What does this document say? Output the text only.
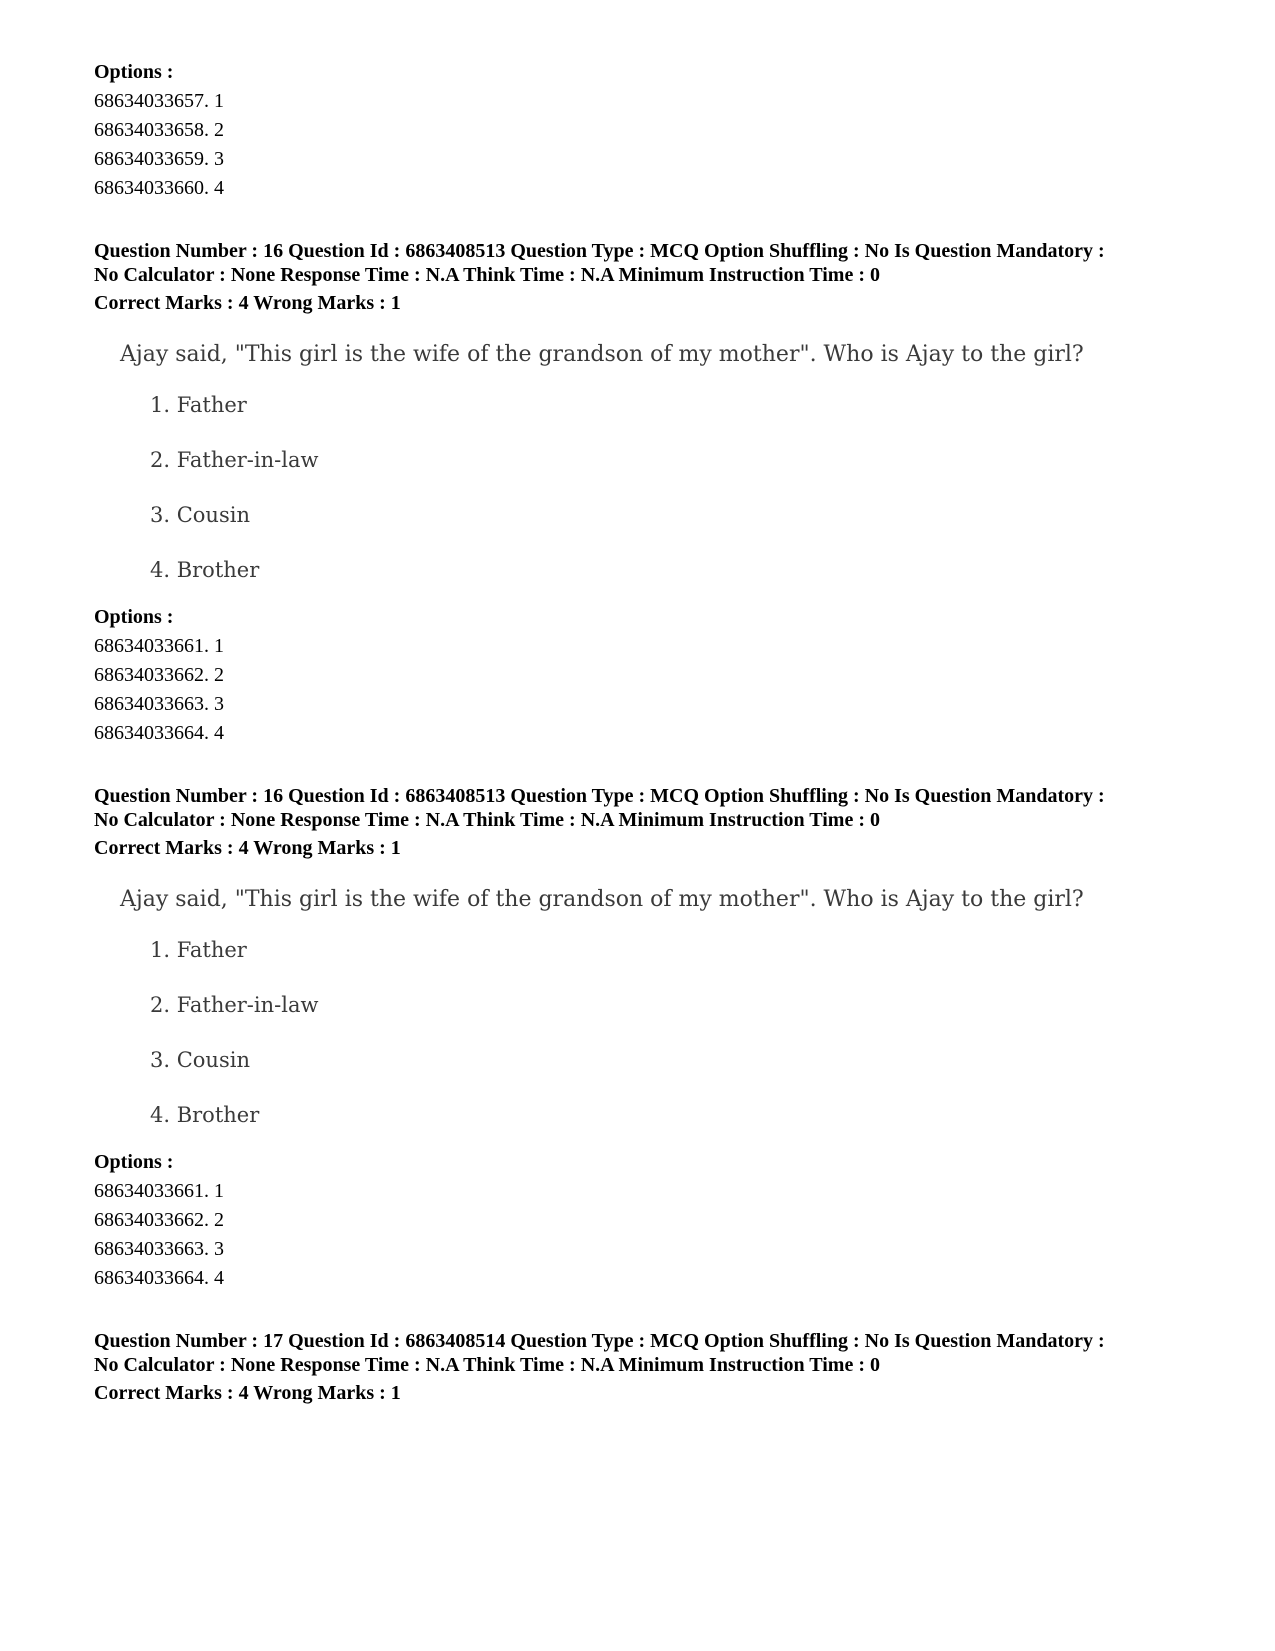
Options :
68634033657. 1
68634033658. 2
68634033659. 3
68634033660. 4
Question Number : 16 Question Id : 6863408513 Question Type : MCQ Option Shuffling : No Is Question Mandatory :
No Calculator : None Response Time : N.A Think Time : N.A Minimum Instruction Time : 0
Correct Marks : 4 Wrong Marks : 1
Ajay said, "This girl is the wife of the grandson of my mother". Who is Ajay to the girl?
1. Father
2. Father-in-law
3. Cousin
4. Brother
Options :
68634033661. 1
68634033662. 2
68634033663. 3
68634033664. 4
Question Number : 16 Question Id : 6863408513 Question Type : MCQ Option Shuffling : No Is Question Mandatory :
No Calculator : None Response Time : N.A Think Time : N.A Minimum Instruction Time : 0
Correct Marks : 4 Wrong Marks : 1
Ajay said, "This girl is the wife of the grandson of my mother". Who is Ajay to the girl?
1. Father
2. Father-in-law
3. Cousin
4. Brother
Options :
68634033661. 1
68634033662. 2
68634033663. 3
68634033664. 4
Question Number : 17 Question Id : 6863408514 Question Type : MCQ Option Shuffling : No Is Question Mandatory :
No Calculator : None Response Time : N.A Think Time : N.A Minimum Instruction Time : 0
Correct Marks : 4 Wrong Marks : 1
